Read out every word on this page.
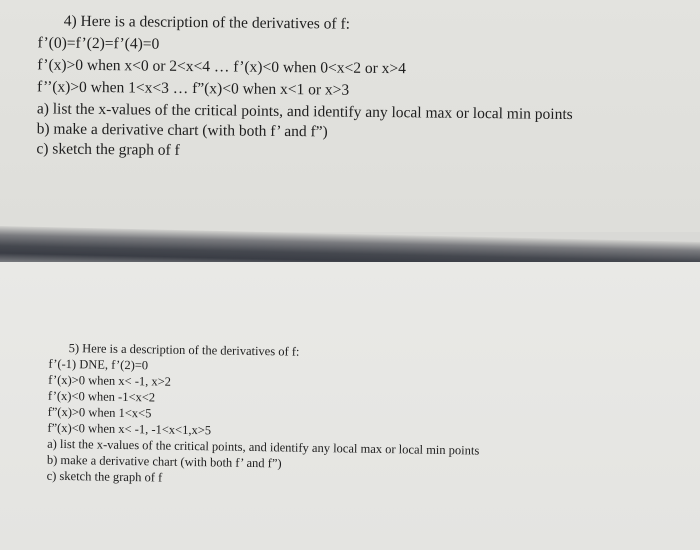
4) Here is a description of the derivatives of f:
f’(0)=f’(2)=f’(4)=0
f’(x)>0 when x<0 or 2<x<4 … f’(x)<0 when 0<x<2 or x>4
f’’(x)>0 when 1<x<3 … f”(x)<0 when x<1 or x>3
a) list the x-values of the critical points, and identify any local max or local min points
b) make a derivative chart (with both f’ and f”)
c) sketch the graph of f
5) Here is a description of the derivatives of f:
f’(-1) DNE, f’(2)=0
f’(x)>0 when x< -1, x>2
f’(x)<0 when -1<x<2
f”(x)>0 when 1<x<5
f”(x)<0 when x< -1, -1<x<1,x>5
a) list the x-values of the critical points, and identify any local max or local min points
b) make a derivative chart (with both f’ and f”)
c) sketch the graph of f
